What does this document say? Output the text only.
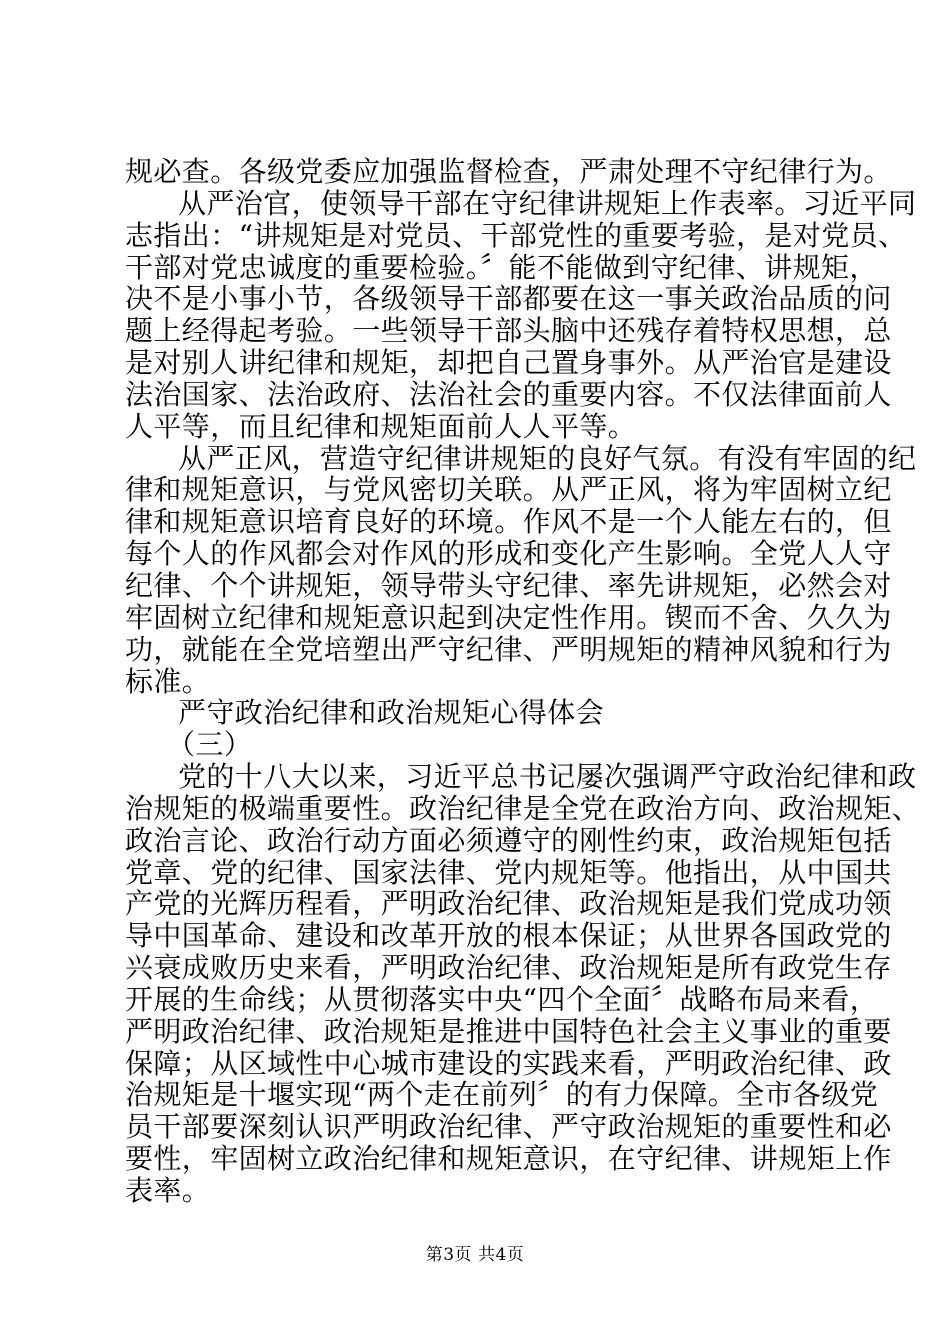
规必查。各级党委应加强监督检查，严肃处理不守纪律行为。
从严治官，使领导干部在守纪律讲规矩上作表率。习近平同
志指出：“讲规矩是对党员、干部党性的重要考验，是对党员、
干部对党忠诚度的重要检验。〞能不能做到守纪律、讲规矩，
决不是小事小节，各级领导干部都要在这一事关政治品质的问
题上经得起考验。一些领导干部头脑中还残存着特权思想，总
是对别人讲纪律和规矩，却把自己置身事外。从严治官是建设
法治国家、法治政府、法治社会的重要内容。不仅法律面前人
人平等，而且纪律和规矩面前人人平等。
从严正风，营造守纪律讲规矩的良好气氛。有没有牢固的纪
律和规矩意识，与党风密切关联。从严正风，将为牢固树立纪
律和规矩意识培育良好的环境。作风不是一个人能左右的，但
每个人的作风都会对作风的形成和变化产生影响。全党人人守
纪律、个个讲规矩，领导带头守纪律、率先讲规矩，必然会对
牢固树立纪律和规矩意识起到决定性作用。锲而不舍、久久为
功，就能在全党培塑出严守纪律、严明规矩的精神风貌和行为
标准。
严守政治纪律和政治规矩心得体会
（三）
党的十八大以来，习近平总书记屡次强调严守政治纪律和政
治规矩的极端重要性。政治纪律是全党在政治方向、政治规矩、
政治言论、政治行动方面必须遵守的刚性约束，政治规矩包括
党章、党的纪律、国家法律、党内规矩等。他指出，从中国共
产党的光辉历程看，严明政治纪律、政治规矩是我们党成功领
导中国革命、建设和改革开放的根本保证；从世界各国政党的
兴衰成败历史来看，严明政治纪律、政治规矩是所有政党生存
开展的生命线；从贯彻落实中央“四个全面〞战略布局来看，
严明政治纪律、政治规矩是推进中国特色社会主义事业的重要
保障；从区域性中心城市建设的实践来看，严明政治纪律、政
治规矩是十堰实现“两个走在前列〞的有力保障。全市各级党
员干部要深刻认识严明政治纪律、严守政治规矩的重要性和必
要性，牢固树立政治纪律和规矩意识，在守纪律、讲规矩上作
表率。
第3页 共4页
